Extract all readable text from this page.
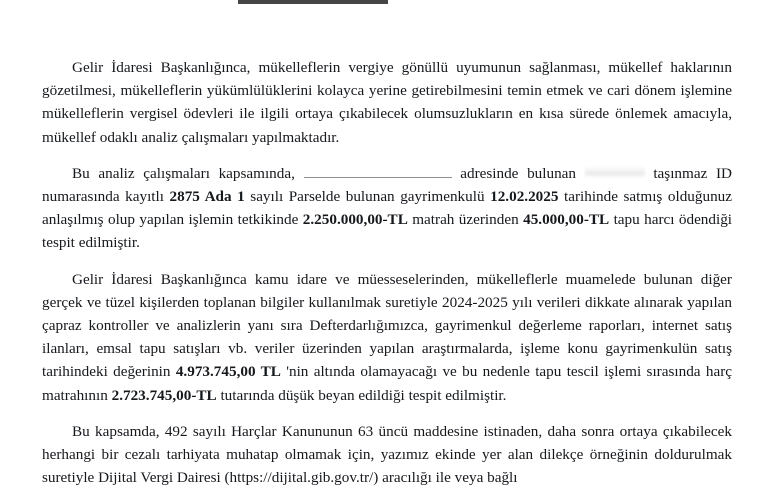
Gelir İdaresi Başkanlığınca, mükelleflerin vergiye gönüllü uyumunun sağlanması, mükellef haklarının gözetilmesi, mükelleflerin yükümlülüklerini kolayca yerine getirebilmesini temin etmek ve cari dönem işlemine mükelleflerin vergisel ödevleri ile ilgili ortaya çıkabilecek olumsuzlukların en kısa sürede önlemek amacıyla, mükellef odaklı analiz çalışmaları yapılmaktadır.

Bu analiz çalışmaları kapsamında,	adresinde bulunan	taşınmaz ID numarasında kayıtlı 2875 Ada 1 sayılı Parselde bulunan gayrimenkulü 12.02.2025 tarihinde satmış olduğunuz anlaşılmış olup yapılan işlemin tetkikinde 2.250.000,00-TL matrah üzerinden 45.000,00-TL tapu harcı ödendiği tespit edilmiştir.

Gelir İdaresi Başkanlığınca kamu idare ve müesseselerinden, mükelleflerle muamelede bulunan diğer gerçek ve tüzel kişilerden toplanan bilgiler kullanılmak suretiyle 2024-2025 yılı verileri dikkate alınarak yapılan çapraz kontroller ve analizlerin yanı sıra Defterdarlığımızca, gayrimenkul değerleme raporları, internet satış ilanları, emsal tapu satışları vb. veriler üzerinden yapılan araştırmalarda, işleme konu gayrimenkulün satış tarihindeki değerinin 4.973.745,00 TL 'nin altında olamayacağı ve bu nedenle tapu tescil işlemi sırasında harç matrahının 2.723.745,00-TL tutarında düşük beyan edildiği tespit edilmiştir.

Bu kapsamda, 492 sayılı Harçlar Kanununun 63 üncü maddesine istinaden, daha sonra ortaya çıkabilecek herhangi bir cezalı tarhiyata muhatap olmamak için, yazımız ekinde yer alan dilekçe örneğinin doldurulmak suretiyle Dijital Vergi Dairesi (https://dijital.gib.gov.tr/) aracılığı ile veya bağlı
